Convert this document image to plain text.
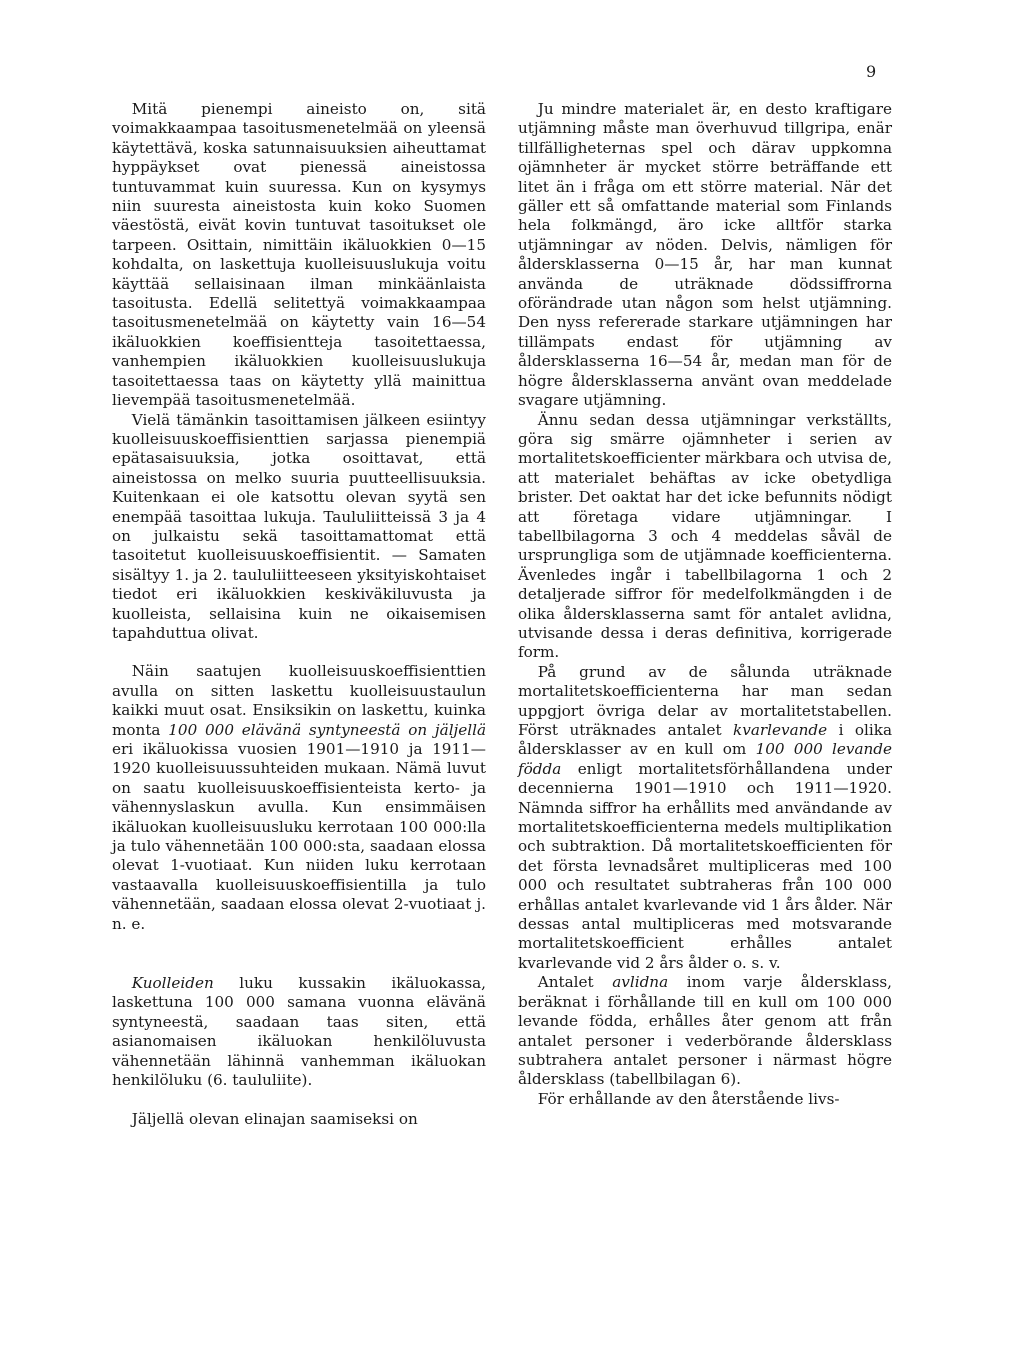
9

Mitä pienempi aineisto on, sitä voimakkaampaa tasoitusmenetelmää on yleensä käytettävä, koska satunnaisuuksien aiheuttamat hyppäykset ovat pienessä aineistossa tuntuvammat kuin suuressa. Kun on kysymys niin suuresta aineistosta kuin koko Suomen väestöstä, eivät kovin tuntuvat tasoitukset ole tarpeen. Osittain, nimittäin ikäluokkien 0—15 kohdalta, on laskettuja kuolleisuuslukuja voitu käyttää sellaisinaan ilman minkäänlaista tasoitusta. Edellä selitettyä voimakkaampaa tasoitusmenetelmää on käytetty vain 16—54 ikäluokkien koeffisientteja tasoitettaessa, vanhempien ikäluokkien kuolleisuuslukuja tasoitettaessa taas on käytetty yllä mainittua lievempää tasoitusmenetelmää.

Vielä tämänkin tasoittamisen jälkeen esiintyy kuolleisuuskoeffisienttien sarjassa pienempiä epätasaisuuksia, jotka osoittavat, että aineistossa on melko suuria puutteellisuuksia. Kuitenkaan ei ole katsottu olevan syytä sen enempää tasoittaa lukuja. Taululiitteissä 3 ja 4 on julkaistu sekä tasoittamattomat että tasoitetut kuolleisuuskoeffisientit. — Samaten sisältyy 1. ja 2. taululiitteeseen yksityiskohtaiset tiedot eri ikäluokkien keskiväkiluvusta ja kuolleista, sellaisina kuin ne oikaisemisen tapahduttua olivat.

Näin saatujen kuolleisuuskoeffisienttien avulla on sitten laskettu kuolleisuustaulun kaikki muut osat. Ensiksikin on laskettu, kuinka monta 100 000 elävänä syntyneestä on jäljellä eri ikäluokissa vuosien 1901—1910 ja 1911—1920 kuolleisuussuhteiden mukaan. Nämä luvut on saatu kuolleisuuskoeffisienteista kerto- ja vähennyslaskun avulla. Kun ensimmäisen ikäluokan kuolleisuusluku kerrotaan 100 000:lla ja tulo vähennetään 100 000:sta, saadaan elossa olevat 1-vuotiaat. Kun niiden luku kerrotaan vastaavalla kuolleisuuskoeffisientilla ja tulo vähennetään, saadaan elossa olevat 2-vuotiaat j. n. e.

Kuolleiden luku kussakin ikäluokassa, laskettuna 100 000 samana vuonna elävänä syntyneestä, saadaan taas siten, että asianomaisen ikäluokan henkilöluvusta vähennetään lähinnä vanhemman ikäluokan henkilöluku (6. taululiite).

Jäljellä olevan elinajan saamiseksi on

Ju mindre materialet är, en desto kraftigare utjämning måste man överhuvud tillgripa, enär tillfälligheternas spel och därav uppkomna ojämnheter är mycket större beträffande ett litet än i fråga om ett större material. När det gäller ett så omfattande material som Finlands hela folkmängd, äro icke alltför starka utjämningar av nöden. Delvis, nämligen för åldersklasserna 0—15 år, har man kunnat använda de uträknade dödssiffrorna oförändrade utan någon som helst utjämning. Den nyss refererade starkare utjämningen har tillämpats endast för utjämning av åldersklasserna 16—54 år, medan man för de högre åldersklasserna använt ovan meddelade svagare utjämning.

Ännu sedan dessa utjämningar verkställts, göra sig smärre ojämnheter i serien av mortalitetskoefficienter märkbara och utvisa de, att materialet behäftas av icke obetydliga brister. Det oaktat har det icke befunnits nödigt att företaga vidare utjämningar. I tabellbilagorna 3 och 4 meddelas såväl de ursprungliga som de utjämnade koefficienterna. Ävenledes ingår i tabellbilagorna 1 och 2 detaljerade siffror för medelfolkmängden i de olika åldersklasserna samt för antalet avlidna, utvisande dessa i deras definitiva, korrigerade form.

På grund av de sålunda uträknade mortalitetskoefficienterna har man sedan uppgjort övriga delar av mortalitetstabellen. Först uträknades antalet kvarlevande i olika åldersklasser av en kull om 100 000 levande födda enligt mortalitetsförhållandena under decennierna 1901—1910 och 1911—1920. Nämnda siffror ha erhållits med användande av mortalitetskoefficienterna medels multiplikation och subtraktion. Då mortalitetskoefficienten för det första levnadsåret multipliceras med 100 000 och resultatet subtraheras från 100 000 erhållas antalet kvarlevande vid 1 års ålder. När dessas antal multipliceras med motsvarande mortalitetskoefficient erhålles antalet kvarlevande vid 2 års ålder o. s. v.

Antalet avlidna inom varje åldersklass, beräknat i förhållande till en kull om 100 000 levande födda, erhålles åter genom att från antalet personer i vederbörande åldersklass subtrahera antalet personer i närmast högre åldersklass (tabellbilagan 6).

För erhållande av den återstående livs-
